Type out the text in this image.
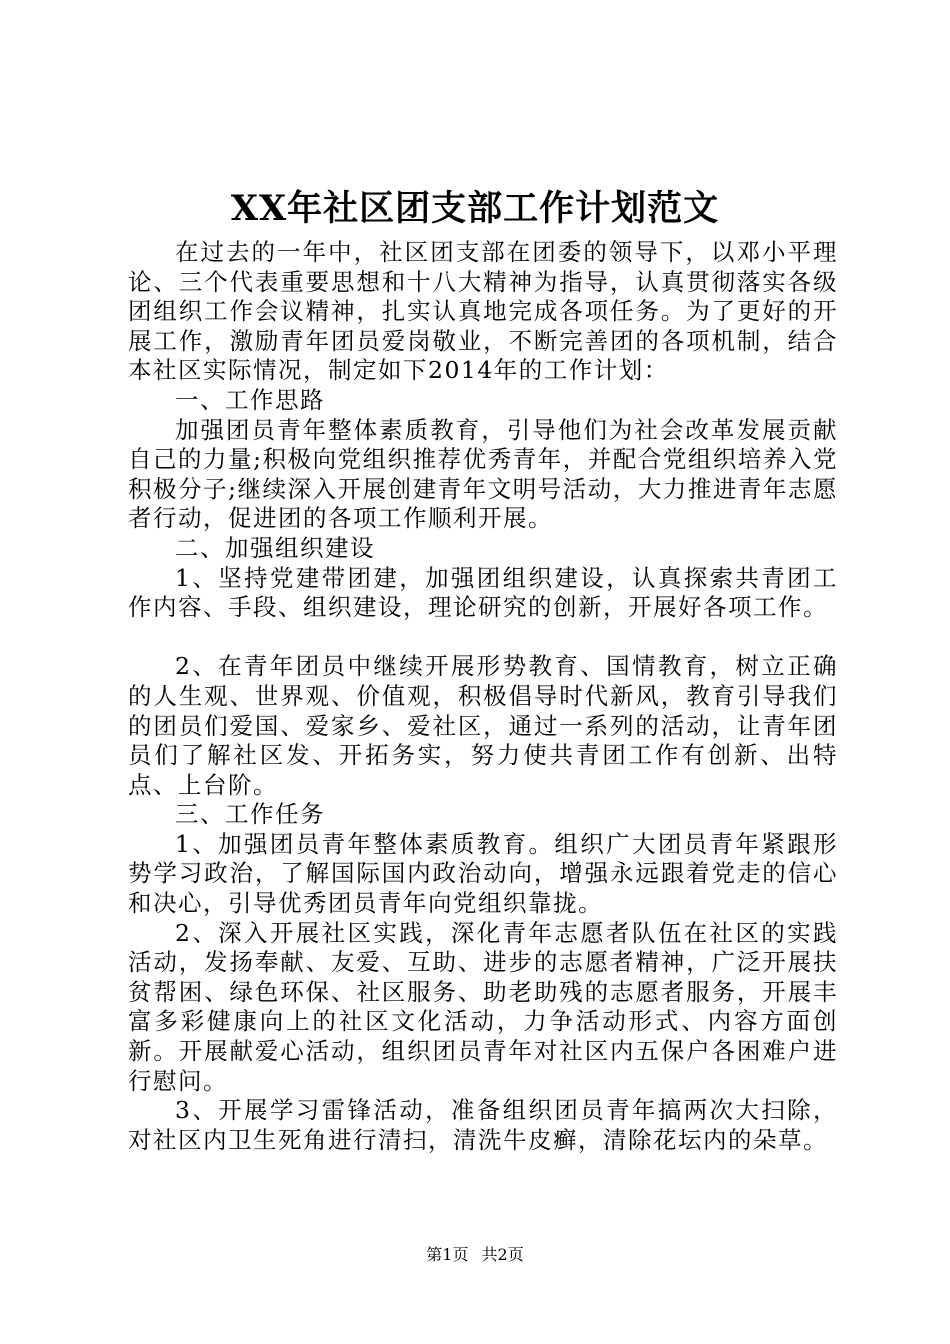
XX年社区团支部工作计划范文

在过去的一年中，社区团支部在团委的领导下，以邓小平理论、三个代表重要思想和十八大精神为指导，认真贯彻落实各级团组织工作会议精神，扎实认真地完成各项任务。为了更好的开展工作，激励青年团员爱岗敬业，不断完善团的各项机制，结合本社区实际情况，制定如下2014年的工作计划：

一、工作思路

加强团员青年整体素质教育，引导他们为社会改革发展贡献自己的力量;积极向党组织推荐优秀青年，并配合党组织培养入党积极分子;继续深入开展创建青年文明号活动，大力推进青年志愿者行动，促进团的各项工作顺利开展。

二、加强组织建设

1、坚持党建带团建，加强团组织建设，认真探索共青团工作内容、手段、组织建设，理论研究的创新，开展好各项工作。

2、在青年团员中继续开展形势教育、国情教育，树立正确的人生观、世界观、价值观，积极倡导时代新风，教育引导我们的团员们爱国、爱家乡、爱社区，通过一系列的活动，让青年团员们了解社区发、开拓务实，努力使共青团工作有创新、出特点、上台阶。

三、工作任务

1、加强团员青年整体素质教育。组织广大团员青年紧跟形势学习政治，了解国际国内政治动向，增强永远跟着党走的信心和决心，引导优秀团员青年向党组织靠拢。

2、深入开展社区实践，深化青年志愿者队伍在社区的实践活动，发扬奉献、友爱、互助、进步的志愿者精神，广泛开展扶贫帮困、绿色环保、社区服务、助老助残的志愿者服务，开展丰富多彩健康向上的社区文化活动，力争活动形式、内容方面创新。开展献爱心活动，组织团员青年对社区内五保户各困难户进行慰问。

3、开展学习雷锋活动，准备组织团员青年搞两次大扫除，对社区内卫生死角进行清扫，清洗牛皮癣，清除花坛内的朵草。

第1页 共2页
